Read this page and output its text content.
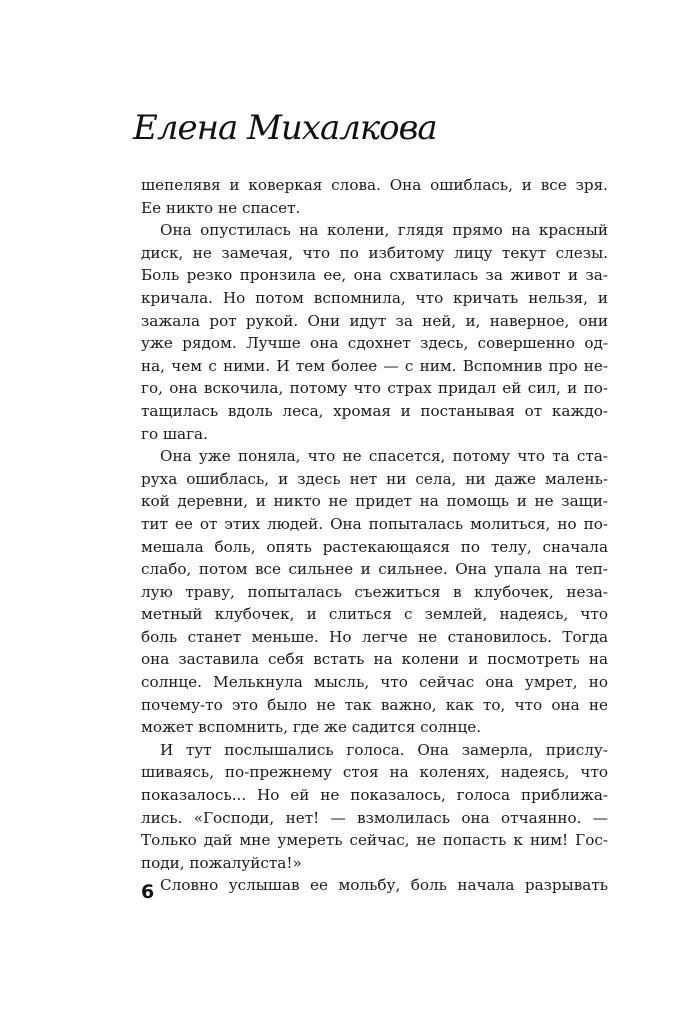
Елена Михалкова
шепелявя и коверкая слова. Она ошиблась, и все зря.
Ее никто не спасет.
Она опустилась на колени, глядя прямо на красный
диск, не замечая, что по избитому лицу текут слезы.
Боль резко пронзила ее, она схватилась за живот и за-
кричала. Но потом вспомнила, что кричать нельзя, и
зажала рот рукой. Они идут за ней, и, наверное, они
уже рядом. Лучше она сдохнет здесь, совершенно од-
на, чем с ними. И тем более — с ним. Вспомнив про не-
го, она вскочила, потому что страх придал ей сил, и по-
тащилась вдоль леса, хромая и постанывая от каждо-
го шага.
Она уже поняла, что не спасется, потому что та ста-
руха ошиблась, и здесь нет ни села, ни даже малень-
кой деревни, и никто не придет на помощь и не защи-
тит ее от этих людей. Она попыталась молиться, но по-
мешала боль, опять растекающаяся по телу, сначала
слабо, потом все сильнее и сильнее. Она упала на теп-
лую траву, попыталась съежиться в клубочек, неза-
метный клубочек, и слиться с землей, надеясь, что
боль станет меньше. Но легче не становилось. Тогда
она заставила себя встать на колени и посмотреть на
солнце. Мелькнула мысль, что сейчас она умрет, но
почему-то это было не так важно, как то, что она не
может вспомнить, где же садится солнце.
И тут послышались голоса. Она замерла, прислу-
шиваясь, по-прежнему стоя на коленях, надеясь, что
показалось... Но ей не показалось, голоса приближа-
лись. «Господи, нет! — взмолилась она отчаянно. —
Только дай мне умереть сейчас, не попасть к ним! Гос-
поди, пожалуйста!»
Словно услышав ее мольбу, боль начала разрывать
6
